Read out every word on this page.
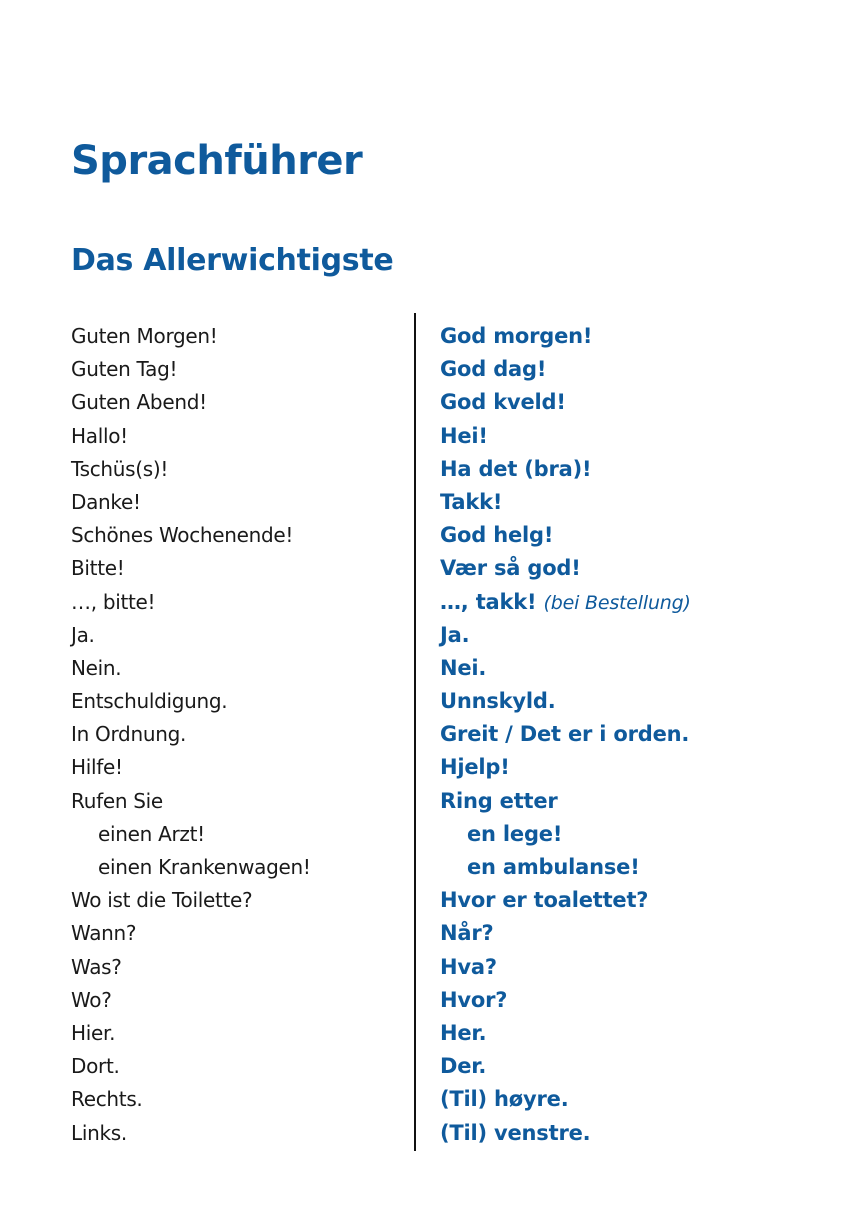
Sprachführer
Das Allerwichtigste
Guten Morgen!
Guten Tag!
Guten Abend!
Hallo!
Tschüs(s)!
Danke!
Schönes Wochenende!
Bitte!
…, bitte!
Ja.
Nein.
Entschuldigung.
In Ordnung.
Hilfe!
Rufen Sie
einen Arzt!
einen Krankenwagen!
Wo ist die Toilette?
Wann?
Was?
Wo?
Hier.
Dort.
Rechts.
Links.
God morgen!
God dag!
God kveld!
Hei!
Ha det (bra)!
Takk!
God helg!
Vær så god!
…, takk! (bei Bestellung)
Ja.
Nei.
Unnskyld.
Greit / Det er i orden.
Hjelp!
Ring etter
en lege!
en ambulanse!
Hvor er toalettet?
Når?
Hva?
Hvor?
Her.
Der.
(Til) høyre.
(Til) venstre.
